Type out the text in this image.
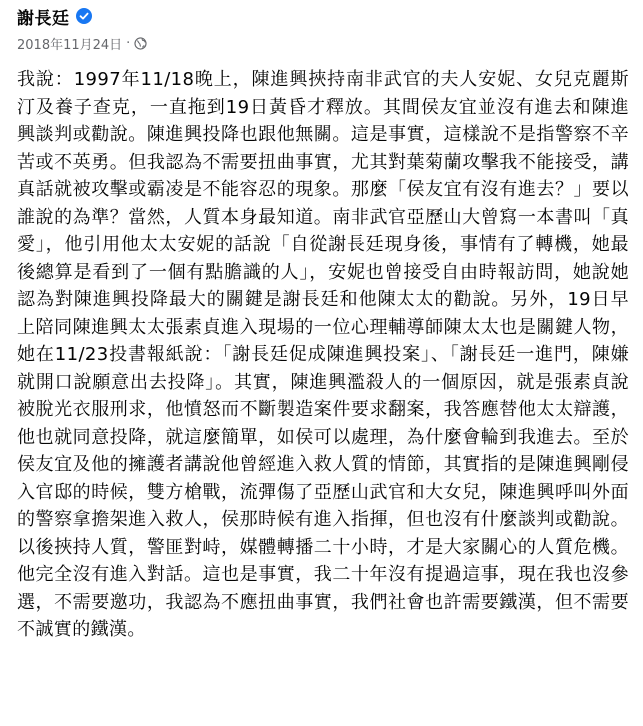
謝長廷
2018年11月24日 ·

我說：1997年11/18晚上，陳進興挾持南非武官的夫人安妮、女兒克麗斯汀及養子查克，一直拖到19日黃昏才釋放。其間侯友宜並沒有進去和陳進興談判或勸說。陳進興投降也跟他無關。這是事實，這樣說不是指警察不辛苦或不英勇。但我認為不需要扭曲事實，尤其對葉菊蘭攻擊我不能接受，講真話就被攻擊或霸凌是不能容忍的現象。那麼「侯友宜有沒有進去？」要以誰說的為準？當然，人質本身最知道。南非武官亞歷山大曾寫一本書叫「真愛」，他引用他太太安妮的話說「自從謝長廷現身後，事情有了轉機，她最後總算是看到了一個有點膽識的人」，安妮也曾接受自由時報訪問，她說她認為對陳進興投降最大的關鍵是謝長廷和他陳太太的勸說。另外，19日早上陪同陳進興太太張素貞進入現場的一位心理輔導師陳太太也是關鍵人物，她在11/23投書報紙說：「謝長廷促成陳進興投案」、「謝長廷一進門，陳嫌就開口說願意出去投降」。其實，陳進興濫殺人的一個原因，就是張素貞說被脫光衣服刑求，他憤怒而不斷製造案件要求翻案，我答應替他太太辯護，他也就同意投降，就這麼簡單，如侯可以處理，為什麼會輪到我進去。至於侯友宜及他的擁護者講說他曾經進入救人質的情節，其實指的是陳進興剛侵入官邸的時候，雙方槍戰，流彈傷了亞歷山武官和大女兒，陳進興呼叫外面的警察拿擔架進入救人，侯那時候有進入指揮，但也沒有什麼談判或勸說。以後挾持人質，警匪對峙，媒體轉播二十小時，才是大家關心的人質危機。他完全沒有進入對話。這也是事實，我二十年沒有提過這事，現在我也沒參選，不需要邀功，我認為不應扭曲事實，我們社會也許需要鐵漢，但不需要不誠實的鐵漢。
